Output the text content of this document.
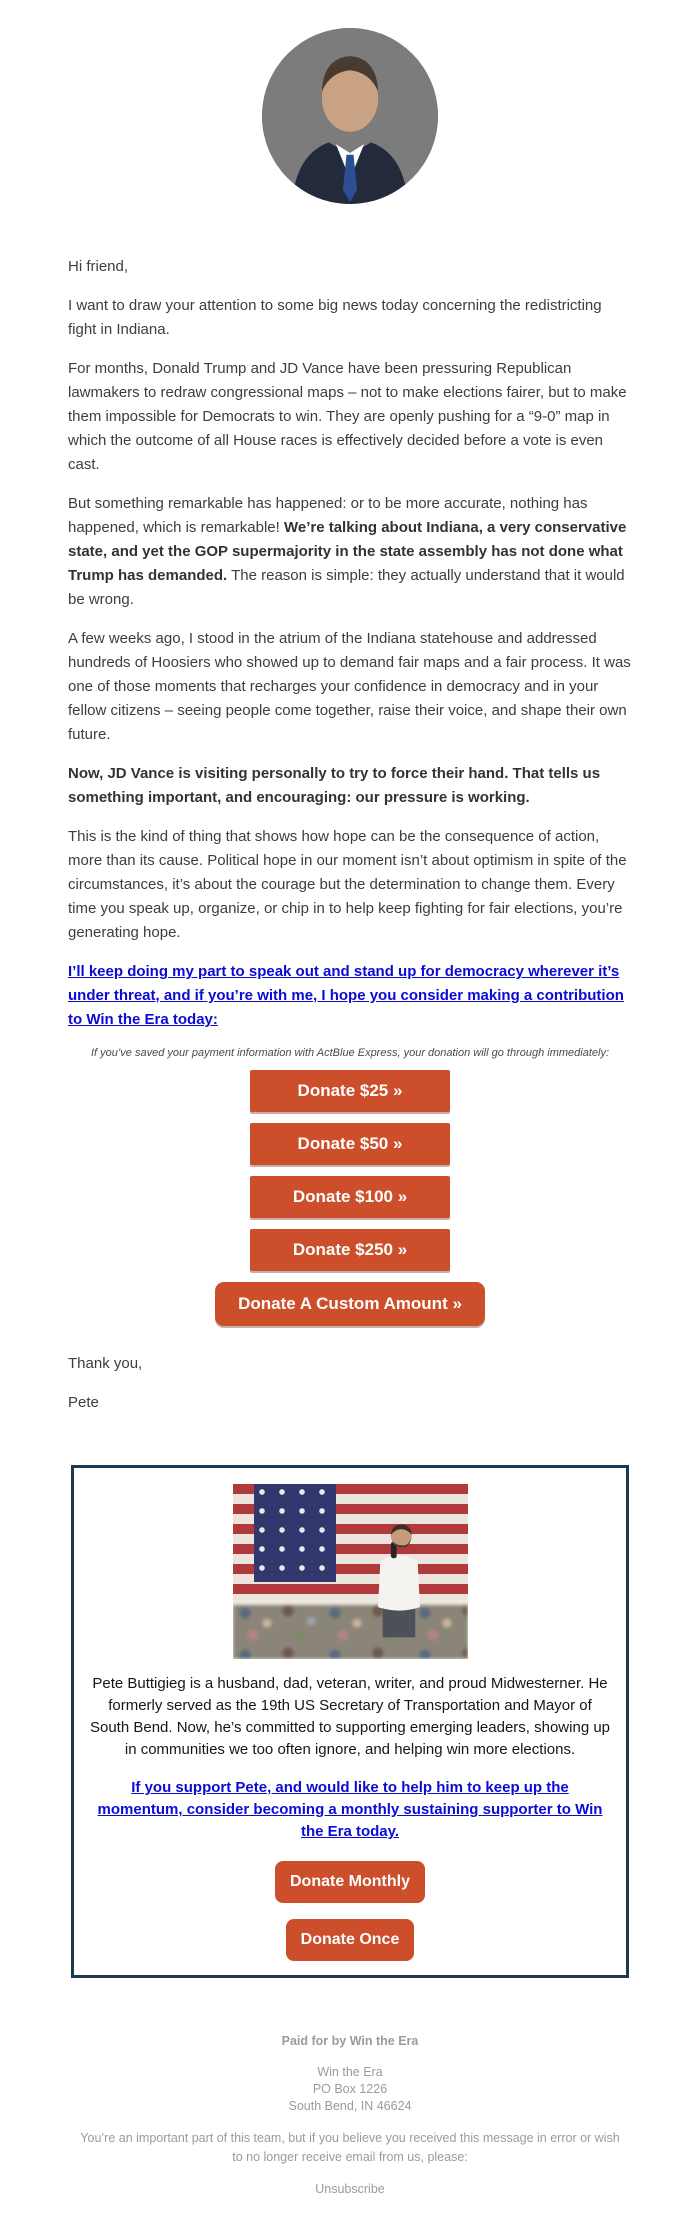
Hi friend,

I want to draw your attention to some big news today concerning the redistricting fight in Indiana.

For months, Donald Trump and JD Vance have been pressuring Republican lawmakers to redraw congressional maps – not to make elections fairer, but to make them impossible for Democrats to win. They are openly pushing for a “9-0” map in which the outcome of all House races is effectively decided before a vote is even cast.

But something remarkable has happened: or to be more accurate, nothing has happened, which is remarkable! We’re talking about Indiana, a very conservative state, and yet the GOP supermajority in the state assembly has not done what Trump has demanded. The reason is simple: they actually understand that it would be wrong.

A few weeks ago, I stood in the atrium of the Indiana statehouse and addressed hundreds of Hoosiers who showed up to demand fair maps and a fair process. It was one of those moments that recharges your confidence in democracy and in your fellow citizens – seeing people come together, raise their voice, and shape their own future.

Now, JD Vance is visiting personally to try to force their hand. That tells us something important, and encouraging: our pressure is working.

This is the kind of thing that shows how hope can be the consequence of action, more than its cause. Political hope in our moment isn’t about optimism in spite of the circumstances, it’s about the courage but the determination to change them. Every time you speak up, organize, or chip in to help keep fighting for fair elections, you’re generating hope.

I’ll keep doing my part to speak out and stand up for democracy wherever it’s under threat, and if you’re with me, I hope you consider making a contribution to Win the Era today:

If you’ve saved your payment information with ActBlue Express, your donation will go through immediately:
Donate $25 »
Donate $50 »
Donate $100 »
Donate $250 »
Donate A Custom Amount »

Thank you,

Pete

Pete Buttigieg is a husband, dad, veteran, writer, and proud Midwesterner. He formerly served as the 19th US Secretary of Transportation and Mayor of South Bend. Now, he’s committed to supporting emerging leaders, showing up in communities we too often ignore, and helping win more elections.

If you support Pete, and would like to help him to keep up the momentum, consider becoming a monthly sustaining supporter to Win the Era today.
Donate Monthly
Donate Once

Paid for by Win the Era

Win the Era
PO Box 1226
South Bend, IN 46624

You’re an important part of this team, but if you believe you received this message in error or wish to no longer receive email from us, please:

Unsubscribe
